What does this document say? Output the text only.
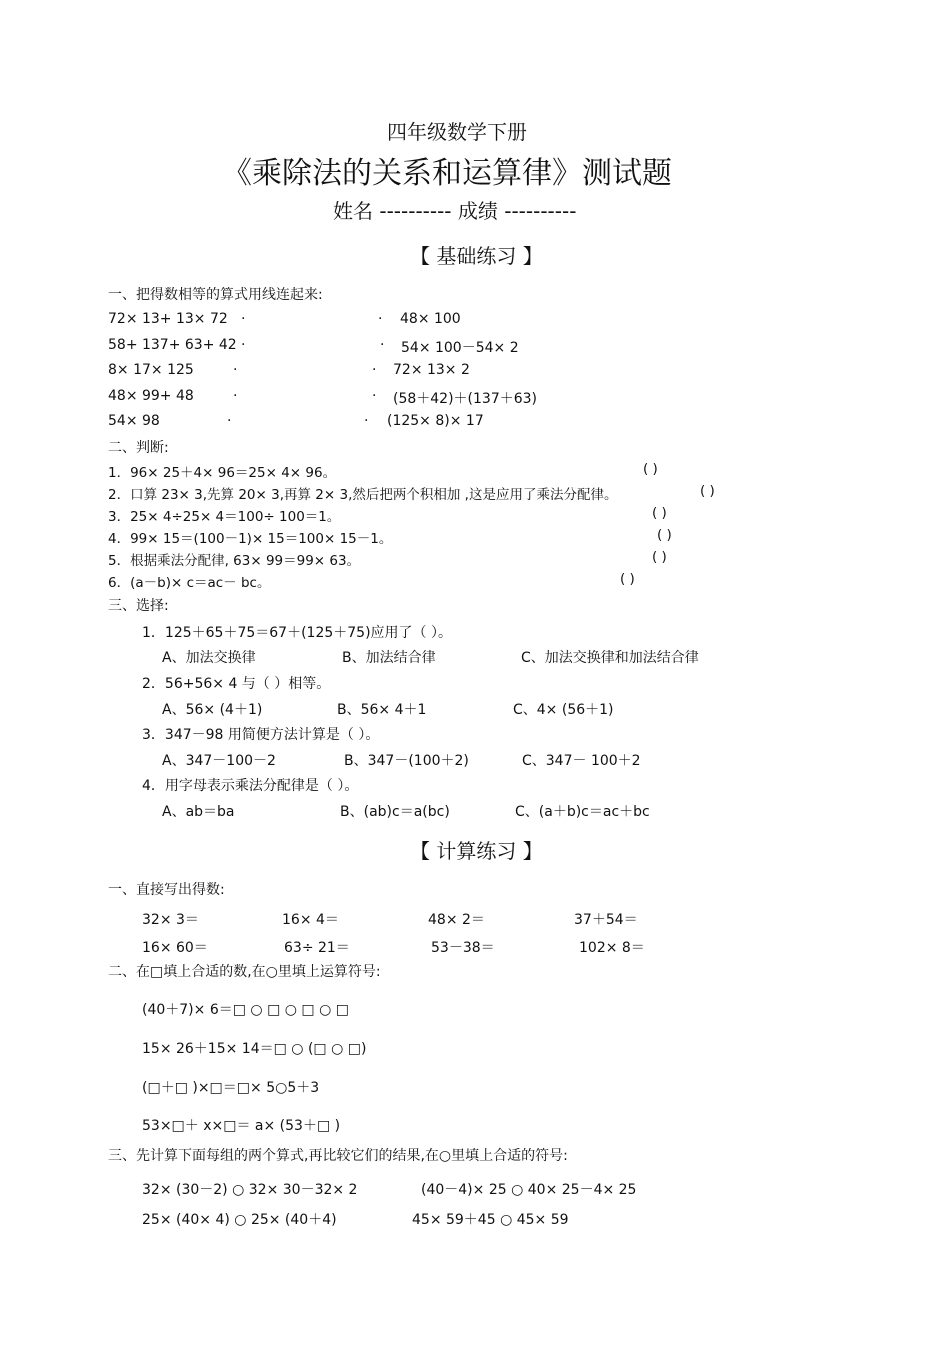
四年级数学下册
《乘除法的关系和运算律》测试题
姓名 ---------- 成绩 ----------
【 基础练习 】
一、把得数相等的算式用线连起来:
72× 13+ 13× 72 ·	· 48× 100
58+ 137+ 63+ 42 ·	· 54× 100－54× 2
8× 17× 125	·	· 72× 13× 2
48× 99+ 48	·	· (58＋42)＋(137＋63)
54× 98	·	· (125× 8)× 17
二、判断:
1．96× 25＋4× 96＝25× 4× 96。	( )
2．口算 23× 3,先算 20× 3,再算 2× 3,然后把两个积相加 ,这是应用了乘法分配律。	( )
3．25× 4÷25× 4＝100÷ 100＝1。	( )
4．99× 15＝(100－1)× 15＝100× 15－1。	( )
5．根据乘法分配律, 63× 99＝99× 63。	( )
6．(a－b)× c＝ac－ bc。	( )
三、选择:
1．125＋65＋75＝67＋(125＋75)应用了（ ）。
A、加法交换律	B、加法结合律	C、加法交换律和加法结合律
2．56+56× 4 与（ ）相等。
A、56× (4＋1)	B、56× 4＋1	C、4× (56＋1)
3．347－98 用简便方法计算是（ ）。
A、347－100－2	B、347－(100＋2)	C、347－ 100＋2
4．用字母表示乘法分配律是（ ）。
A、ab＝ba	B、(ab)c＝a(bc)	C、(a＋b)c＝ac＋bc
【 计算练习 】
一、直接写出得数:
32× 3＝	16× 4＝	48× 2＝	37＋54＝
16× 60＝	63÷ 21＝	53－38＝	102× 8＝
二、在□填上合适的数,在○里填上运算符号:
(40＋7)× 6＝□ ○ □ ○ □ ○ □
15× 26＋15× 14＝□ ○ (□ ○ □)
(□＋□ )×□＝□× 5○5＋3
53×□＋ x×□＝ a× (53＋□ )
三、先计算下面每组的两个算式,再比较它们的结果,在○里填上合适的符号:
32× (30－2) ○ 32× 30－32× 2	(40－4)× 25 ○ 40× 25－4× 25
25× (40× 4) ○ 25× (40＋4)	45× 59＋45 ○ 45× 59
